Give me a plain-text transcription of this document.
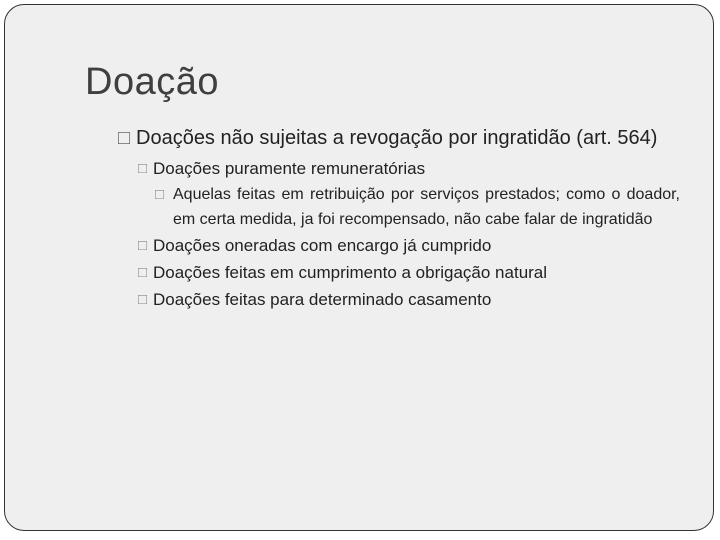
Doação
□ Doações não sujeitas a revogação por ingratidão (art. 564)
□ Doações puramente remuneratórias
□ Aquelas feitas em retribuição por serviços prestados; como o doador, em certa medida, ja foi recompensado, não cabe falar de ingratidão
□ Doações oneradas com encargo já cumprido
□ Doações feitas em cumprimento a obrigação natural
□ Doações feitas para determinado casamento
